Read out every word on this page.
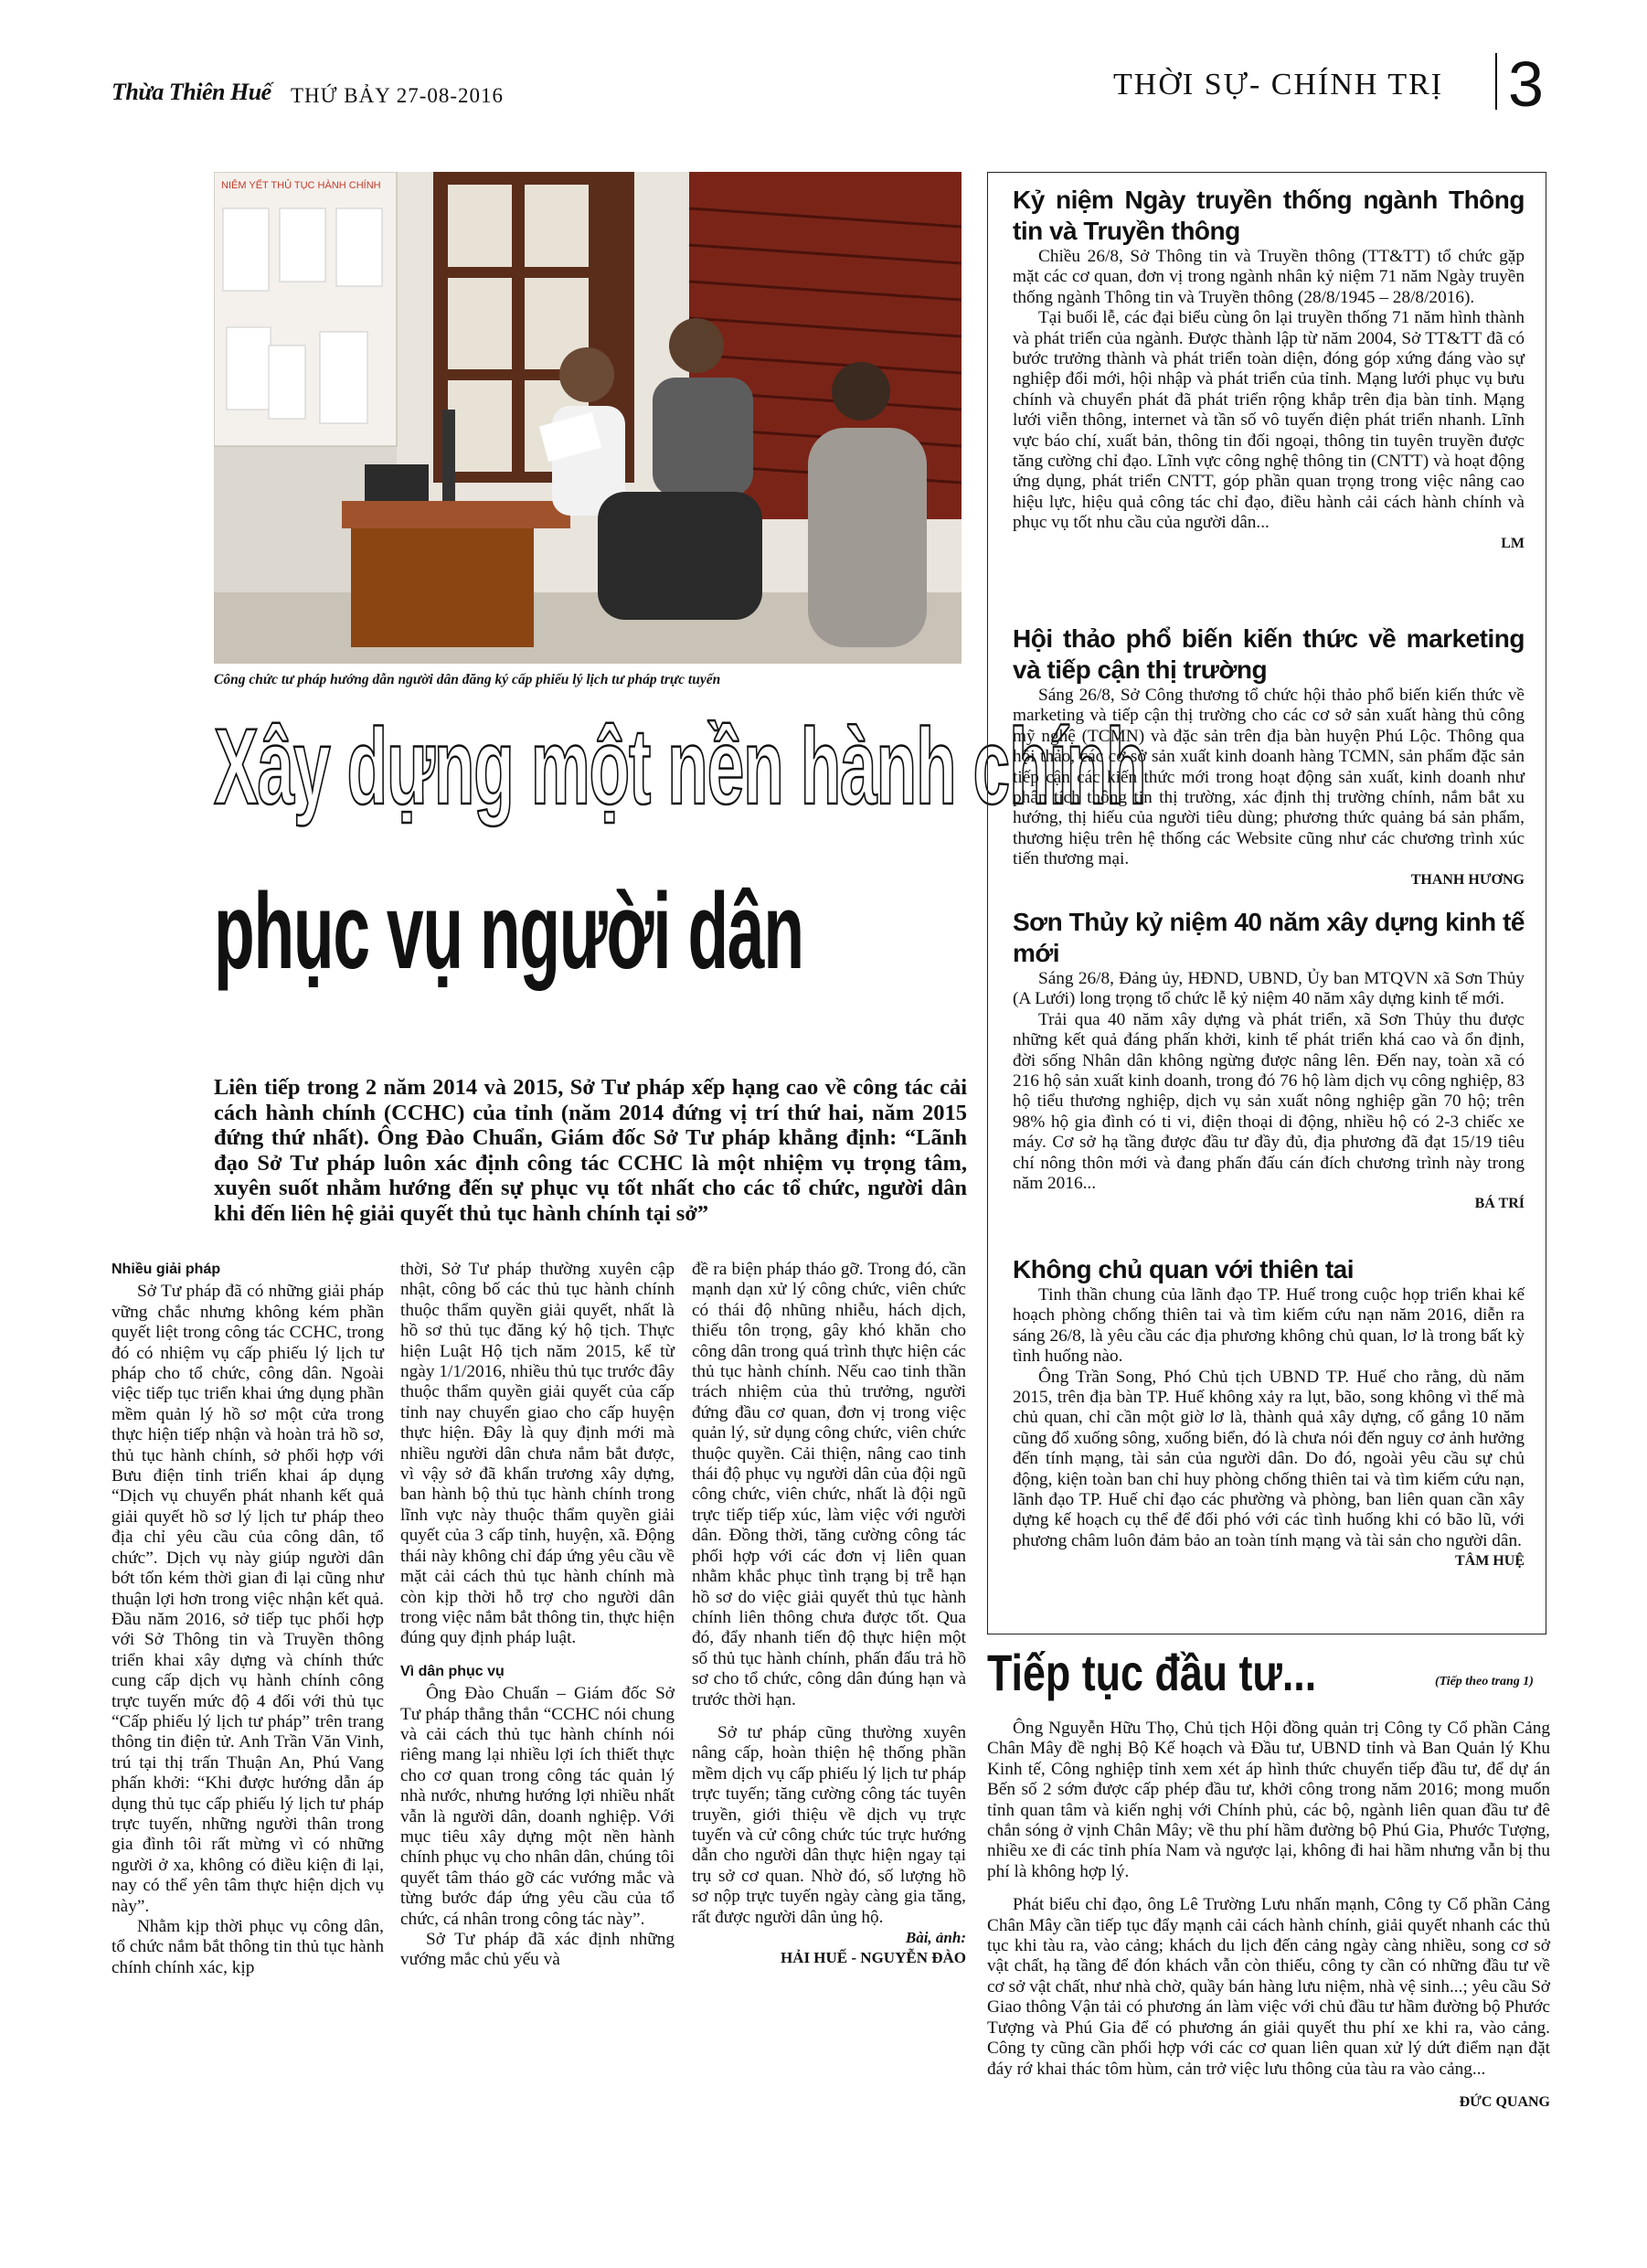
Thừa Thiên Huế THỨ BẢY 27-08-2016	THỜI SỰ- CHÍNH TRỊ 3
NIÊM YẾT THỦ TỤC HÀNH CHÍNH
Công chức tư pháp hướng dẫn người dân đăng ký cấp phiếu lý lịch tư pháp trực tuyến
Xây dựng một nền hành chính
phục vụ người dân
Liên tiếp trong 2 năm 2014 và 2015, Sở Tư pháp xếp hạng cao về công tác cải cách hành chính (CCHC) của tỉnh (năm 2014 đứng vị trí thứ hai, năm 2015 đứng thứ nhất). Ông Đào Chuẩn, Giám đốc Sở Tư pháp khẳng định: “Lãnh đạo Sở Tư pháp luôn xác định công tác CCHC là một nhiệm vụ trọng tâm, xuyên suốt nhằm hướng đến sự phục vụ tốt nhất cho các tổ chức, người dân khi đến liên hệ giải quyết thủ tục hành chính tại sở”

Nhiều giải pháp

Sở Tư pháp đã có những giải pháp vững chắc nhưng không kém phần quyết liệt trong công tác CCHC, trong đó có nhiệm vụ cấp phiếu lý lịch tư pháp cho tổ chức, công dân. Ngoài việc tiếp tục triển khai ứng dụng phần mềm quản lý hồ sơ một cửa trong thực hiện tiếp nhận và hoàn trả hồ sơ, thủ tục hành chính, sở phối hợp với Bưu điện tỉnh triển khai áp dụng “Dịch vụ chuyển phát nhanh kết quả giải quyết hồ sơ lý lịch tư pháp theo địa chỉ yêu cầu của công dân, tổ chức”. Dịch vụ này giúp người dân bớt tốn kém thời gian đi lại cũng như thuận lợi hơn trong việc nhận kết quả. Đầu năm 2016, sở tiếp tục phối hợp với Sở Thông tin và Truyền thông triển khai xây dựng và chính thức cung cấp dịch vụ hành chính công trực tuyến mức độ 4 đối với thủ tục “Cấp phiếu lý lịch tư pháp” trên trang thông tin điện tử. Anh Trần Văn Vinh, trú tại thị trấn Thuận An, Phú Vang phấn khởi: “Khi được hướng dẫn áp dụng thủ tục cấp phiếu lý lịch tư pháp trực tuyến, những người thân trong gia đình tôi rất mừng vì có những người ở xa, không có điều kiện đi lại, nay có thể yên tâm thực hiện dịch vụ này”.

Nhằm kịp thời phục vụ công dân, tổ chức nắm bắt thông tin thủ tục hành chính chính xác, kịp

thời, Sở Tư pháp thường xuyên cập nhật, công bố các thủ tục hành chính thuộc thẩm quyền giải quyết, nhất là hồ sơ thủ tục đăng ký hộ tịch. Thực hiện Luật Hộ tịch năm 2015, kể từ ngày 1/1/2016, nhiều thủ tục trước đây thuộc thẩm quyền giải quyết của cấp tỉnh nay chuyển giao cho cấp huyện thực hiện. Đây là quy định mới mà nhiều người dân chưa nắm bắt được, vì vậy sở đã khẩn trương xây dựng, ban hành bộ thủ tục hành chính trong lĩnh vực này thuộc thẩm quyền giải quyết của 3 cấp tỉnh, huyện, xã. Động thái này không chỉ đáp ứng yêu cầu về mặt cải cách thủ tục hành chính mà còn kịp thời hỗ trợ cho người dân trong việc nắm bắt thông tin, thực hiện đúng quy định pháp luật.

Vì dân phục vụ

Ông Đào Chuẩn – Giám đốc Sở Tư pháp thẳng thắn “CCHC nói chung và cải cách thủ tục hành chính nói riêng mang lại nhiều lợi ích thiết thực cho cơ quan trong công tác quản lý nhà nước, nhưng hướng lợi nhiều nhất vẫn là người dân, doanh nghiệp. Với mục tiêu xây dựng một nền hành chính phục vụ cho nhân dân, chúng tôi quyết tâm tháo gỡ các vướng mắc và từng bước đáp ứng yêu cầu của tổ chức, cá nhân trong công tác này”.

Sở Tư pháp đã xác định những vướng mắc chủ yếu và

đề ra biện pháp tháo gỡ. Trong đó, cần mạnh dạn xử lý công chức, viên chức có thái độ nhũng nhiễu, hách dịch, thiếu tôn trọng, gây khó khăn cho công dân trong quá trình thực hiện các thủ tục hành chính. Nếu cao tinh thần trách nhiệm của thủ trưởng, người đứng đầu cơ quan, đơn vị trong việc quản lý, sử dụng công chức, viên chức thuộc quyền. Cải thiện, nâng cao tinh thái độ phục vụ người dân của đội ngũ công chức, viên chức, nhất là đội ngũ trực tiếp tiếp xúc, làm việc với người dân. Đồng thời, tăng cường công tác phối hợp với các đơn vị liên quan nhằm khắc phục tình trạng bị trễ hạn hồ sơ do việc giải quyết thủ tục hành chính liên thông chưa được tốt. Qua đó, đẩy nhanh tiến độ thực hiện một số thủ tục hành chính, phấn đấu trả hồ sơ cho tổ chức, công dân đúng hạn và trước thời hạn.

Sở tư pháp cũng thường xuyên nâng cấp, hoàn thiện hệ thống phần mềm dịch vụ cấp phiếu lý lịch tư pháp trực tuyến; tăng cường công tác tuyên truyền, giới thiệu về dịch vụ trực tuyến và cử công chức túc trực hướng dẫn cho người dân thực hiện ngay tại trụ sở cơ quan. Nhờ đó, số lượng hồ sơ nộp trực tuyến ngày càng gia tăng, rất được người dân ủng hộ.

Bài, ảnh:
HẢI HUẾ - NGUYỄN ĐÀO

Kỷ niệm Ngày truyền thống ngành Thông tin và Truyền thông

Chiều 26/8, Sở Thông tin và Truyền thông (TT&TT) tổ chức gặp mặt các cơ quan, đơn vị trong ngành nhân kỷ niệm 71 năm Ngày truyền thống ngành Thông tin và Truyền thông (28/8/1945 – 28/8/2016).

Tại buổi lễ, các đại biểu cùng ôn lại truyền thống 71 năm hình thành và phát triển của ngành. Được thành lập từ năm 2004, Sở TT&TT đã có bước trưởng thành và phát triển toàn diện, đóng góp xứng đáng vào sự nghiệp đổi mới, hội nhập và phát triển của tỉnh. Mạng lưới phục vụ bưu chính và chuyển phát đã phát triển rộng khắp trên địa bàn tỉnh. Mạng lưới viễn thông, internet và tần số vô tuyến điện phát triển nhanh. Lĩnh vực báo chí, xuất bản, thông tin đối ngoại, thông tin tuyên truyền được tăng cường chỉ đạo. Lĩnh vực công nghệ thông tin (CNTT) và hoạt động ứng dụng, phát triển CNTT, góp phần quan trọng trong việc nâng cao hiệu lực, hiệu quả công tác chỉ đạo, điều hành cải cách hành chính và phục vụ tốt nhu cầu của người dân...

LM

Hội thảo phổ biến kiến thức về marketing và tiếp cận thị trường

Sáng 26/8, Sở Công thương tổ chức hội thảo phổ biến kiến thức về marketing và tiếp cận thị trường cho các cơ sở sản xuất hàng thủ công mỹ nghệ (TCMN) và đặc sản trên địa bàn huyện Phú Lộc. Thông qua hội thảo, các cơ sở sản xuất kinh doanh hàng TCMN, sản phẩm đặc sản tiếp cận các kiến thức mới trong hoạt động sản xuất, kinh doanh như phân tích thông tin thị trường, xác định thị trường chính, nắm bắt xu hướng, thị hiếu của người tiêu dùng; phương thức quảng bá sản phẩm, thương hiệu trên hệ thống các Website cũng như các chương trình xúc tiến thương mại.

THANH HƯƠNG

Sơn Thủy kỷ niệm 40 năm xây dựng kinh tế mới

Sáng 26/8, Đảng ủy, HĐND, UBND, Ủy ban MTQVN xã Sơn Thủy (A Lưới) long trọng tổ chức lễ kỷ niệm 40 năm xây dựng kinh tế mới.

Trải qua 40 năm xây dựng và phát triển, xã Sơn Thủy thu được những kết quả đáng phấn khởi, kinh tế phát triển khá cao và ổn định, đời sống Nhân dân không ngừng được nâng lên. Đến nay, toàn xã có 216 hộ sản xuất kinh doanh, trong đó 76 hộ làm dịch vụ công nghiệp, 83 hộ tiểu thương nghiệp, dịch vụ sản xuất nông nghiệp gần 70 hộ; trên 98% hộ gia đình có ti vi, điện thoại di động, nhiều hộ có 2-3 chiếc xe máy. Cơ sở hạ tầng được đầu tư đầy đủ, địa phương đã đạt 15/19 tiêu chí nông thôn mới và đang phấn đấu cán đích chương trình này trong năm 2016...

BÁ TRÍ

Không chủ quan với thiên tai

Tinh thần chung của lãnh đạo TP. Huế trong cuộc họp triển khai kế hoạch phòng chống thiên tai và tìm kiếm cứu nạn năm 2016, diễn ra sáng 26/8, là yêu cầu các địa phương không chủ quan, lơ là trong bất kỳ tình huống nào.

Ông Trần Song, Phó Chủ tịch UBND TP. Huế cho rằng, dù năm 2015, trên địa bàn TP. Huế không xảy ra lụt, bão, song không vì thế mà chủ quan, chỉ cần một giờ lơ là, thành quả xây dựng, cố gắng 10 năm cũng đổ xuống sông, xuống biển, đó là chưa nói đến nguy cơ ảnh hưởng đến tính mạng, tài sản của người dân. Do đó, ngoài yêu cầu sự chủ động, kiện toàn ban chỉ huy phòng chống thiên tai và tìm kiếm cứu nạn, lãnh đạo TP. Huế chỉ đạo các phường và phòng, ban liên quan cần xây dựng kế hoạch cụ thể để đối phó với các tình huống khi có bão lũ, với phương châm luôn đảm bảo an toàn tính mạng và tài sản cho người dân.

TÂM HUỆ

Tiếp tục đầu tư...	(Tiếp theo trang 1)

Ông Nguyễn Hữu Thọ, Chủ tịch Hội đồng quản trị Công ty Cổ phần Cảng Chân Mây đề nghị Bộ Kế hoạch và Đầu tư, UBND tỉnh và Ban Quản lý Khu Kinh tế, Công nghiệp tỉnh xem xét áp hình thức chuyển tiếp đầu tư, để dự án Bến số 2 sớm được cấp phép đầu tư, khởi công trong năm 2016; mong muốn tỉnh quan tâm và kiến nghị với Chính phủ, các bộ, ngành liên quan đầu tư đê chắn sóng ở vịnh Chân Mây; về thu phí hầm đường bộ Phú Gia, Phước Tượng, nhiều xe đi các tỉnh phía Nam và ngược lại, không đi hai hầm nhưng vẫn bị thu phí là không hợp lý.

Phát biểu chỉ đạo, ông Lê Trường Lưu nhấn mạnh, Công ty Cổ phần Cảng Chân Mây cần tiếp tục đẩy mạnh cải cách hành chính, giải quyết nhanh các thủ tục khi tàu ra, vào cảng; khách du lịch đến cảng ngày càng nhiều, song cơ sở vật chất, hạ tầng để đón khách vẫn còn thiếu, công ty cần có những đầu tư về cơ sở vật chất, như nhà chờ, quầy bán hàng lưu niệm, nhà vệ sinh...; yêu cầu Sở Giao thông Vận tải có phương án làm việc với chủ đầu tư hầm đường bộ Phước Tượng và Phú Gia để có phương án giải quyết thu phí xe khi ra, vào cảng. Công ty cũng cần phối hợp với các cơ quan liên quan xử lý dứt điểm nạn đặt đáy rớ khai thác tôm hùm, cản trở việc lưu thông của tàu ra vào cảng...

ĐỨC QUANG
